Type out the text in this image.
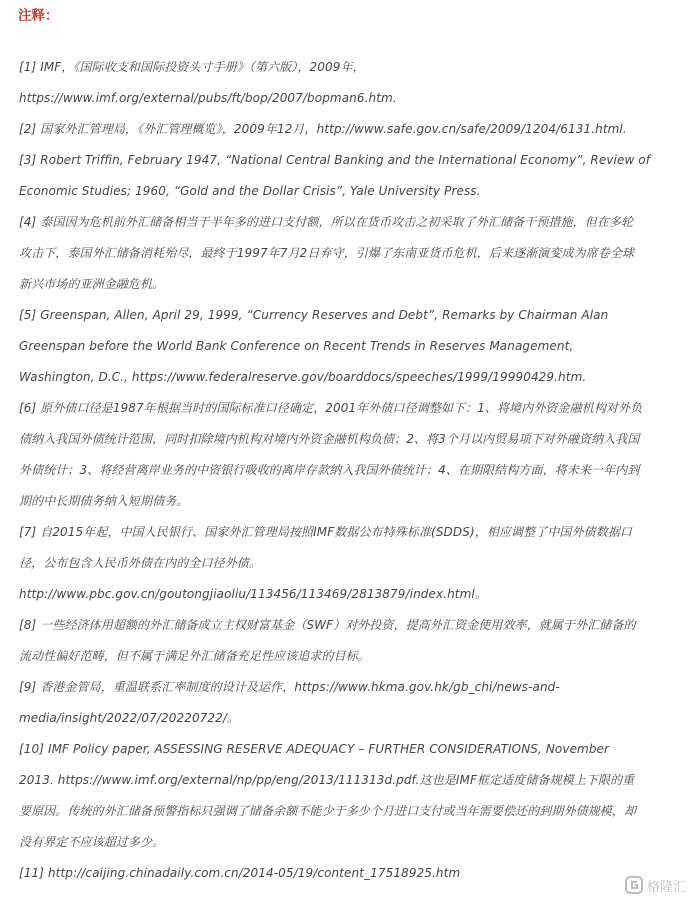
注释：
[1] IMF，《国际收支和国际投资头寸手册》（第六版），2009年，
https://www.imf.org/external/pubs/ft/bop/2007/bopman6.htm.
[2] 国家外汇管理局，《外汇管理概览》，2009年12月，http://www.safe.gov.cn/safe/2009/1204/6131.html.
[3] Robert Triffin, February 1947, “National Central Banking and the International Economy”, Review of
Economic Studies; 1960, “Gold and the Dollar Crisis”, Yale University Press.
[4] 泰国因为危机前外汇储备相当于半年多的进口支付额，所以在货币攻击之初采取了外汇储备干预措施，但在多轮
攻击下，泰国外汇储备消耗殆尽，最终于1997年7月2日弃守，引爆了东南亚货币危机，后来逐渐演变成为席卷全球
新兴市场的亚洲金融危机。
[5] Greenspan, Allen, April 29, 1999, “Currency Reserves and Debt”, Remarks by Chairman Alan
Greenspan before the World Bank Conference on Recent Trends in Reserves Management,
Washington, D.C., https://www.federalreserve.gov/boarddocs/speeches/1999/19990429.htm.
[6] 原外债口径是1987年根据当时的国际标准口径确定，2001年外债口径调整如下：1、将境内外资金融机构对外负
债纳入我国外债统计范围，同时扣除境内机构对境内外资金融机构负债；2、将3个月以内贸易项下对外融资纳入我国
外债统计；3、将经营离岸业务的中资银行吸收的离岸存款纳入我国外债统计；4、在期限结构方面，将未来一年内到
期的中长期债务纳入短期债务。
[7] 自2015年起，中国人民银行、国家外汇管理局按照IMF数据公布特殊标准(SDDS)，相应调整了中国外债数据口
径，公布包含人民币外债在内的全口径外债。
http://www.pbc.gov.cn/goutongjiaoliu/113456/113469/2813879/index.html。
[8] 一些经济体用超额的外汇储备成立主权财富基金（SWF）对外投资，提高外汇资金使用效率，就属于外汇储备的
流动性偏好范畴，但不属于满足外汇储备充足性应该追求的目标。
[9] 香港金管局，重温联系汇率制度的设计及运作，https://www.hkma.gov.hk/gb_chi/news-and-
media/insight/2022/07/20220722/。
[10] IMF Policy paper, ASSESSING RESERVE ADEQUACY – FURTHER CONSIDERATIONS, November
2013. https://www.imf.org/external/np/pp/eng/2013/111313d.pdf.这也是IMF框定适度储备规模上下限的重
要原因。传统的外汇储备预警指标只强调了储备余额不能少于多少个月进口支付或当年需要偿还的到期外债规模，却
没有界定不应该超过多少。
[11] http://caijing.chinadaily.com.cn/2014-05/19/content_17518925.htm
格隆汇
